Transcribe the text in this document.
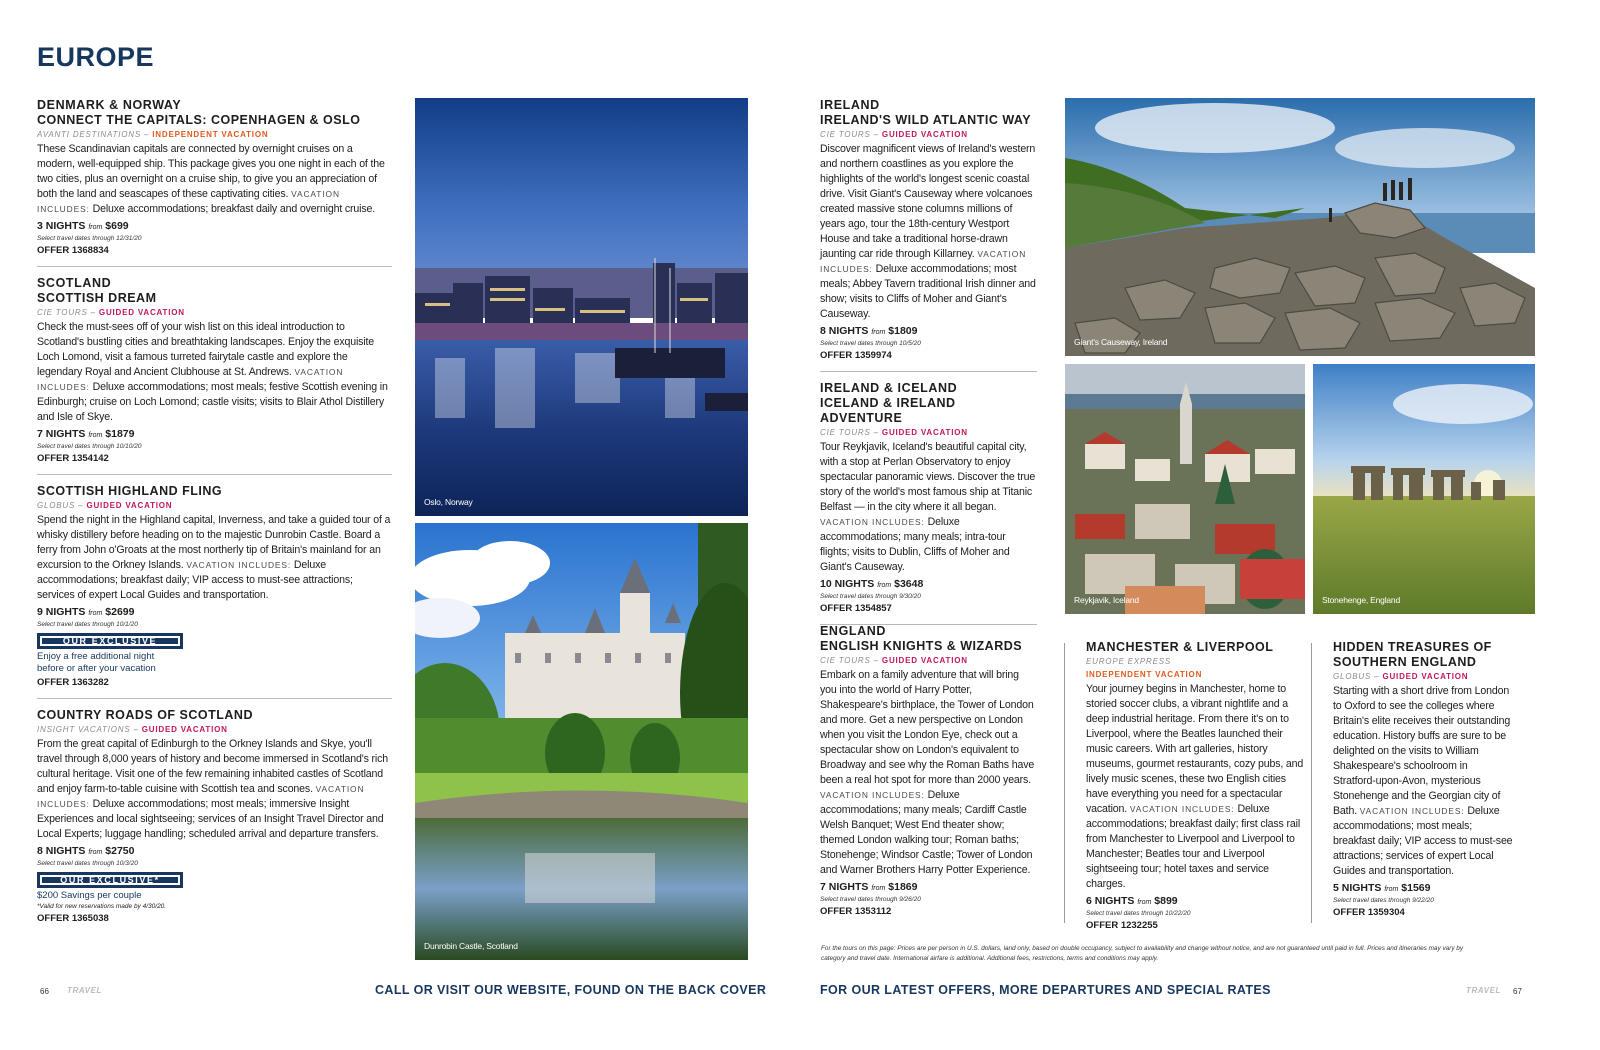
EUROPE
DENMARK & NORWAY
CONNECT THE CAPITALS: COPENHAGEN & OSLO
AVANTI DESTINATIONS – INDEPENDENT VACATION
These Scandinavian capitals are connected by overnight cruises on a modern, well-equipped ship. This package gives you one night in each of the two cities, plus an overnight on a cruise ship, to give you an appreciation of both the land and seascapes of these captivating cities. VACATION INCLUDES: Deluxe accommodations; breakfast daily and overnight cruise.
3 NIGHTS from $699
Select travel dates through 12/31/20
OFFER 1368834
SCOTLAND
SCOTTISH DREAM
CIE TOURS – GUIDED VACATION
Check the must-sees off of your wish list on this ideal introduction to Scotland's bustling cities and breathtaking landscapes. Enjoy the exquisite Loch Lomond, visit a famous turreted fairytale castle and explore the legendary Royal and Ancient Clubhouse at St. Andrews. VACATION INCLUDES: Deluxe accommodations; most meals; festive Scottish evening in Edinburgh; cruise on Loch Lomond; castle visits; visits to Blair Athol Distillery and Isle of Skye.
7 NIGHTS from $1879
Select travel dates through 10/10/20
OFFER 1354142
SCOTTISH HIGHLAND FLING
GLOBUS – GUIDED VACATION
Spend the night in the Highland capital, Inverness, and take a guided tour of a whisky distillery before heading on to the majestic Dunrobin Castle. Board a ferry from John o'Groats at the most northerly tip of Britain's mainland for an excursion to the Orkney Islands. VACATION INCLUDES: Deluxe accommodations; breakfast daily; VIP access to must-see attractions; services of expert Local Guides and transportation.
9 NIGHTS from $2699
Select travel dates through 10/1/20
OUR EXCLUSIVE
Enjoy a free additional night before or after your vacation
OFFER 1363282
COUNTRY ROADS OF SCOTLAND
INSIGHT VACATIONS – GUIDED VACATION
From the great capital of Edinburgh to the Orkney Islands and Skye, you'll travel through 8,000 years of history and become immersed in Scotland's rich cultural heritage. Visit one of the few remaining inhabited castles of Scotland and enjoy farm-to-table cuisine with Scottish tea and scones. VACATION INCLUDES: Deluxe accommodations; most meals; immersive Insight Experiences and local sightseeing; services of an Insight Travel Director and Local Experts; luggage handling; scheduled arrival and departure transfers.
8 NIGHTS from $2750
Select travel dates through 10/3/20
OUR EXCLUSIVE*
$200 Savings per couple
*Valid for new reservations made by 4/30/20.
OFFER 1365038
Oslo, Norway
Dunrobin Castle, Scotland
IRELAND
IRELAND'S WILD ATLANTIC WAY
CIE TOURS – GUIDED VACATION
Discover magnificent views of Ireland's western and northern coastlines as you explore the highlights of the world's longest scenic coastal drive. Visit Giant's Causeway where volcanoes created massive stone columns millions of years ago, tour the 18th-century Westport House and take a traditional horse-drawn jaunting car ride through Killarney. VACATION INCLUDES: Deluxe accommodations; most meals; Abbey Tavern traditional Irish dinner and show; visits to Cliffs of Moher and Giant's Causeway.
8 NIGHTS from $1809
Select travel dates through 10/5/20
OFFER 1359974
IRELAND & ICELAND
ICELAND & IRELAND ADVENTURE
CIE TOURS – GUIDED VACATION
Tour Reykjavik, Iceland's beautiful capital city, with a stop at Perlan Observatory to enjoy spectacular panoramic views. Discover the true story of the world's most famous ship at Titanic Belfast — in the city where it all began. VACATION INCLUDES: Deluxe accommodations; many meals; intra-tour flights; visits to Dublin, Cliffs of Moher and Giant's Causeway.
10 NIGHTS from $3648
Select travel dates through 9/30/20
OFFER 1354857
ENGLAND
ENGLISH KNIGHTS & WIZARDS
CIE TOURS – GUIDED VACATION
Embark on a family adventure that will bring you into the world of Harry Potter, Shakespeare's birthplace, the Tower of London and more. Get a new perspective on London when you visit the London Eye, check out a spectacular show on London's equivalent to Broadway and see why the Roman Baths have been a real hot spot for more than 2000 years. VACATION INCLUDES: Deluxe accommodations; many meals; Cardiff Castle Welsh Banquet; West End theater show; themed London walking tour; Roman baths; Stonehenge; Windsor Castle; Tower of London and Warner Brothers Harry Potter Experience.
7 NIGHTS from $1869
Select travel dates through 9/26/20
OFFER 1353112
MANCHESTER & LIVERPOOL
EUROPE EXPRESS
INDEPENDENT VACATION
Your journey begins in Manchester, home to storied soccer clubs, a vibrant nightlife and a deep industrial heritage. From there it's on to Liverpool, where the Beatles launched their music careers. With art galleries, history museums, gourmet restaurants, cozy pubs, and lively music scenes, these two English cities have everything you need for a spectacular vacation. VACATION INCLUDES: Deluxe accommodations; breakfast daily; first class rail from Manchester to Liverpool and Liverpool to Manchester; Beatles tour and Liverpool sightseeing tour; hotel taxes and service charges.
6 NIGHTS from $899
Select travel dates through 10/22/20
OFFER 1232255
HIDDEN TREASURES OF SOUTHERN ENGLAND
GLOBUS – GUIDED VACATION
Starting with a short drive from London to Oxford to see the colleges where Britain's elite receives their outstanding education. History buffs are sure to be delighted on the visits to William Shakespeare's schoolroom in Stratford-upon-Avon, mysterious Stonehenge and the Georgian city of Bath. VACATION INCLUDES: Deluxe accommodations; most meals; breakfast daily; VIP access to must-see attractions; services of expert Local Guides and transportation.
5 NIGHTS from $1569
Select travel dates through 9/22/20
OFFER 1359304
Giant's Causeway, Ireland
Reykjavik, Iceland	Stonehenge, England
For the tours on this page: Prices are per person in U.S. dollars, land only, based on double occupancy, subject to availability and change without notice, and are not guaranteed until paid in full. Prices and itineraries may vary by category and travel date. International airfare is additional. Additional fees, restrictions, terms and conditions may apply.
66 TRAVEL	CALL OR VISIT OUR WEBSITE, FOUND ON THE BACK COVER	FOR OUR LATEST OFFERS, MORE DEPARTURES AND SPECIAL RATES	TRAVEL 67
